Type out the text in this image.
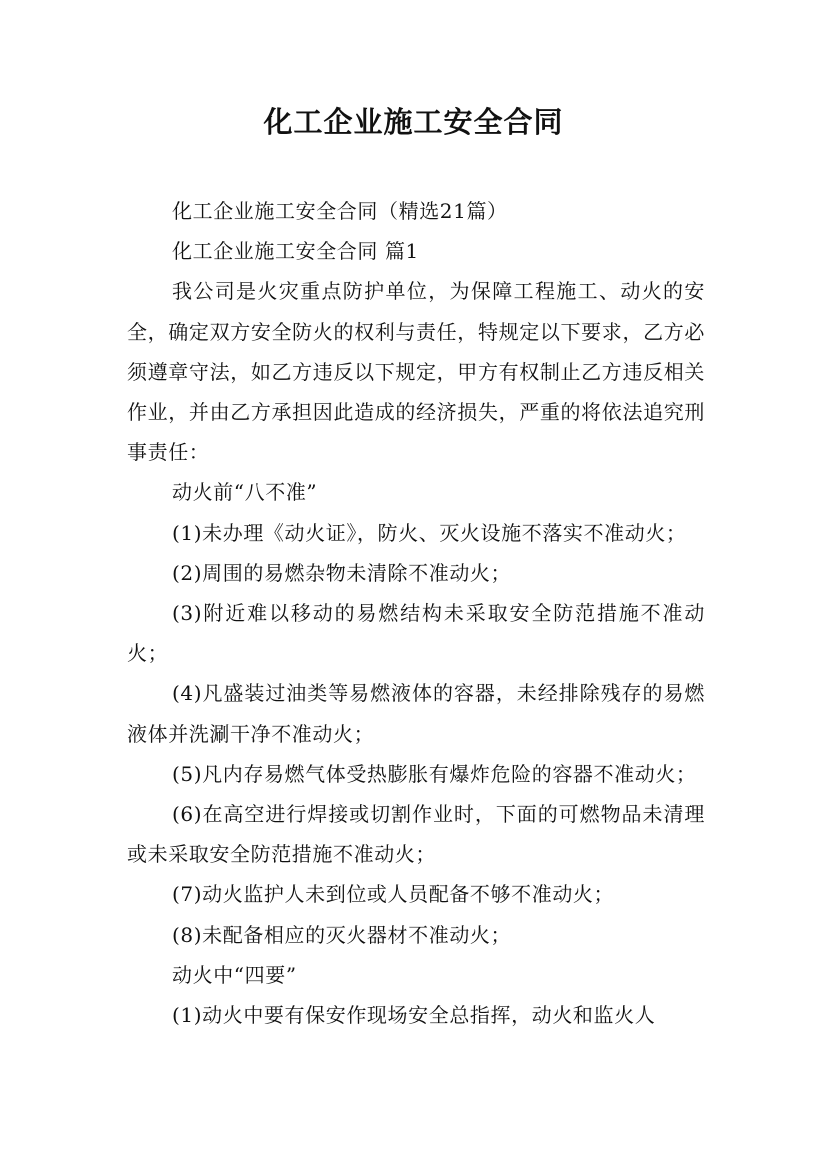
化工企业施工安全合同

化工企业施工安全合同（精选21篇）

化工企业施工安全合同 篇1

我公司是火灾重点防护单位，为保障工程施工、动火的安全，确定双方安全防火的权利与责任，特规定以下要求，乙方必须遵章守法，如乙方违反以下规定，甲方有权制止乙方违反相关作业，并由乙方承担因此造成的经济损失，严重的将依法追究刑事责任：

动火前“八不准”

(1)未办理《动火证》，防火、灭火设施不落实不准动火；

(2)周围的易燃杂物未清除不准动火；

(3)附近难以移动的易燃结构未采取安全防范措施不准动火；

(4)凡盛装过油类等易燃液体的容器，未经排除残存的易燃液体并洗涮干净不准动火；

(5)凡内存易燃气体受热膨胀有爆炸危险的容器不准动火；

(6)在高空进行焊接或切割作业时，下面的可燃物品未清理或未采取安全防范措施不准动火；

(7)动火监护人未到位或人员配备不够不准动火；

(8)未配备相应的灭火器材不准动火；

动火中“四要”

(1)动火中要有保安作现场安全总指挥，动火和监火人
